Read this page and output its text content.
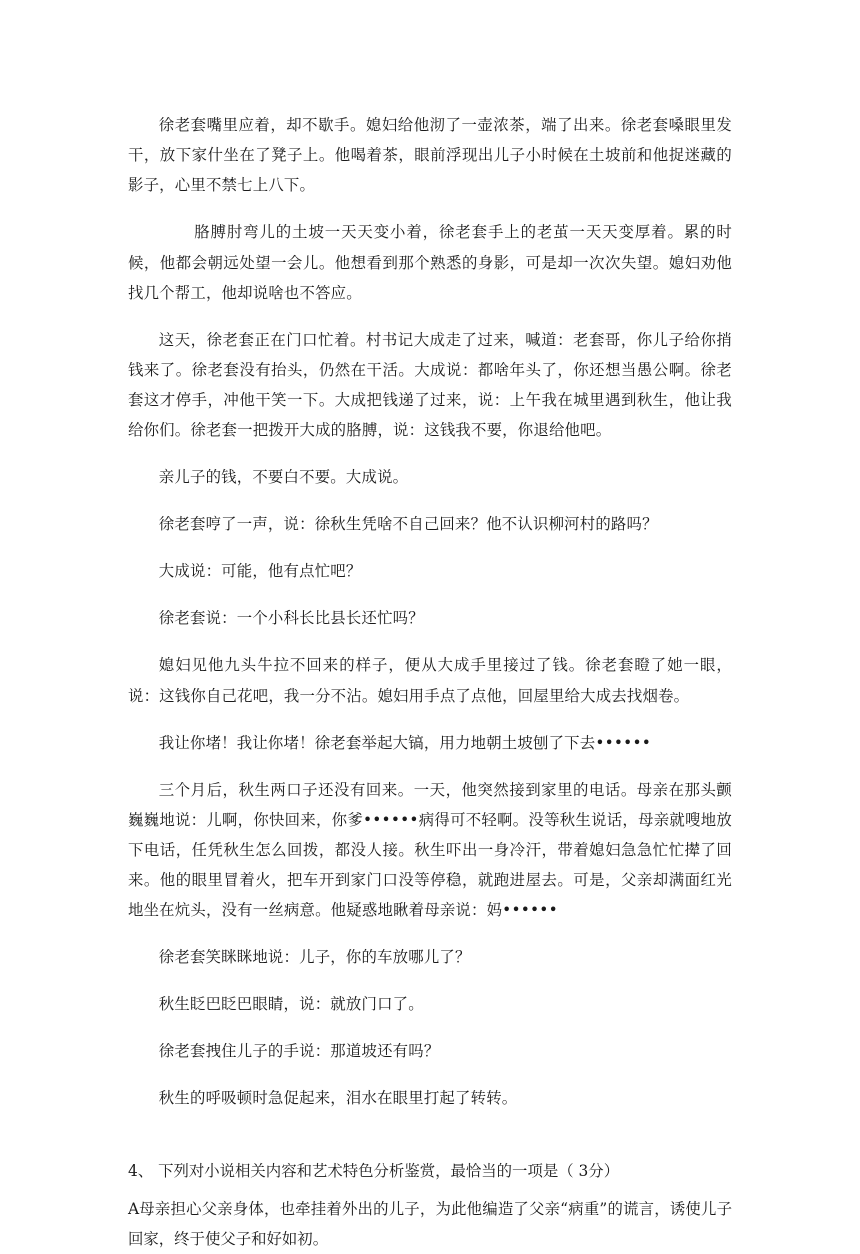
徐老套嘴里应着，却不歇手。媳妇给他沏了一壶浓茶，端了出来。徐老套嗓眼里发干，放下家什坐在了凳子上。他喝着茶，眼前浮现出儿子小时候在土坡前和他捉迷藏的影子，心里不禁七上八下。

胳膊肘弯儿的土坡一天天变小着，徐老套手上的老茧一天天变厚着。累的时候，他都会朝远处望一会儿。他想看到那个熟悉的身影，可是却一次次失望。媳妇劝他找几个帮工，他却说啥也不答应。

这天，徐老套正在门口忙着。村书记大成走了过来，喊道：老套哥，你儿子给你捎钱来了。徐老套没有抬头，仍然在干活。大成说：都啥年头了，你还想当愚公啊。徐老套这才停手，冲他干笑一下。大成把钱递了过来，说：上午我在城里遇到秋生，他让我给你们。徐老套一把拨开大成的胳膊，说：这钱我不要，你退给他吧。

亲儿子的钱，不要白不要。大成说。

徐老套哼了一声，说：徐秋生凭啥不自己回来？他不认识柳河村的路吗？

大成说：可能，他有点忙吧？

徐老套说：一个小科长比县长还忙吗？

媳妇见他九头牛拉不回来的样子，便从大成手里接过了钱。徐老套瞪了她一眼，说：这钱你自己花吧，我一分不沾。媳妇用手点了点他，回屋里给大成去找烟卷。

我让你堵！我让你堵！徐老套举起大镐，用力地朝土坡刨了下去••••••

三个月后，秋生两口子还没有回来。一天，他突然接到家里的电话。母亲在那头颤巍巍地说：儿啊，你快回来，你爹••••••病得可不轻啊。没等秋生说话，母亲就嗖地放下电话，任凭秋生怎么回拨，都没人接。秋生吓出一身冷汗，带着媳妇急急忙忙撵了回来。他的眼里冒着火，把车开到家门口没等停稳，就跑进屋去。可是，父亲却满面红光地坐在炕头，没有一丝病意。他疑惑地瞅着母亲说：妈••••••

徐老套笑眯眯地说：儿子，你的车放哪儿了？

秋生眨巴眨巴眼睛，说：就放门口了。

徐老套拽住儿子的手说：那道坡还有吗？

秋生的呼吸顿时急促起来，泪水在眼里打起了转转。

4、 下列对小说相关内容和艺术特色分析鉴赏，最恰当的一项是（ 3分）

A母亲担心父亲身体，也牵挂着外出的儿子，为此他编造了父亲“病重”的谎言，诱使儿子回家，终于使父子和好如初。
